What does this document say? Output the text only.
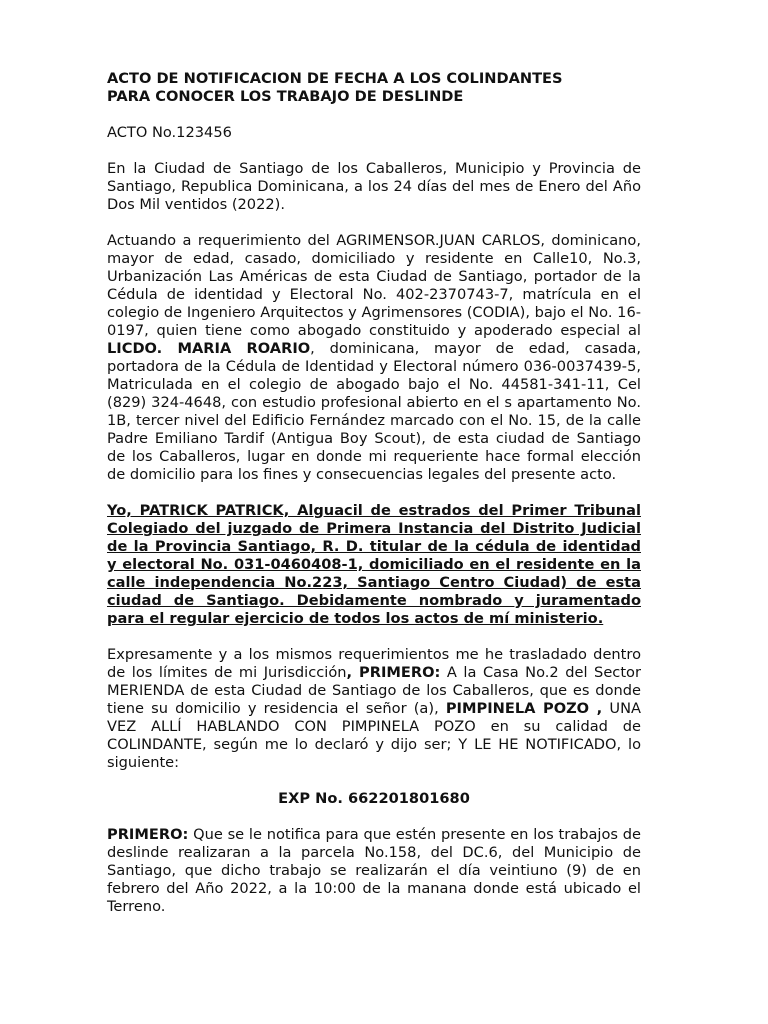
ACTO DE NOTIFICACION DE FECHA A LOS COLINDANTES
PARA CONOCER LOS TRABAJO DE DESLINDE

ACTO No.123456

En la Ciudad de Santiago de los Caballeros, Municipio y Provincia de Santiago, Republica Dominicana, a los 24 días del mes de Enero del Año Dos Mil ventidos (2022).

Actuando a requerimiento del AGRIMENSOR.JUAN CARLOS, dominicano, mayor de edad, casado, domiciliado y residente en Calle10, No.3, Urbanización Las Américas de esta Ciudad de Santiago, portador de la Cédula de identidad y Electoral No. 402-2370743-7, matrícula en el colegio de Ingeniero Arquitectos y Agrimensores (CODIA), bajo el No. 16-0197, quien tiene como abogado constituido y apoderado especial al LICDO. MARIA ROARIO, dominicana, mayor de edad, casada, portadora de la Cédula de Identidad y Electoral número 036-0037439-5, Matriculada en el colegio de abogado bajo el No. 44581-341-11, Cel (829) 324-4648, con estudio profesional abierto en el s apartamento No. 1B, tercer nivel del Edificio Fernández marcado con el No. 15, de la calle Padre Emiliano Tardif (Antigua Boy Scout), de esta ciudad de Santiago de los Caballeros, lugar en donde mi requeriente hace formal elección de domicilio para los fines y consecuencias legales del presente acto.

Yo, PATRICK PATRICK, Alguacil de estrados del Primer Tribunal Colegiado del juzgado de Primera Instancia del Distrito Judicial de la Provincia Santiago, R. D. titular de la cédula de identidad y electoral No. 031-0460408-1, domiciliado en el residente en la calle independencia No.223, Santiago Centro Ciudad) de esta ciudad de Santiago. Debidamente nombrado y juramentado para el regular ejercicio de todos los actos de mí ministerio.

Expresamente y a los mismos requerimientos me he trasladado dentro de los límites de mi Jurisdicción, PRIMERO: A la Casa No.2 del Sector MERIENDA de esta Ciudad de Santiago de los Caballeros, que es donde tiene su domicilio y residencia el señor (a), PIMPINELA POZO , UNA VEZ ALLÍ HABLANDO CON PIMPINELA POZO en su calidad de COLINDANTE, según me lo declaró y dijo ser; Y LE HE NOTIFICADO, lo siguiente:

EXP No. 662201801680

PRIMERO: Que se le notifica para que estén presente en los trabajos de deslinde realizaran a la parcela No.158, del DC.6, del Municipio de Santiago, que dicho trabajo se realizarán el día veintiuno (9) de en febrero del Año 2022, a la 10:00 de la manana donde está ubicado el Terreno.
